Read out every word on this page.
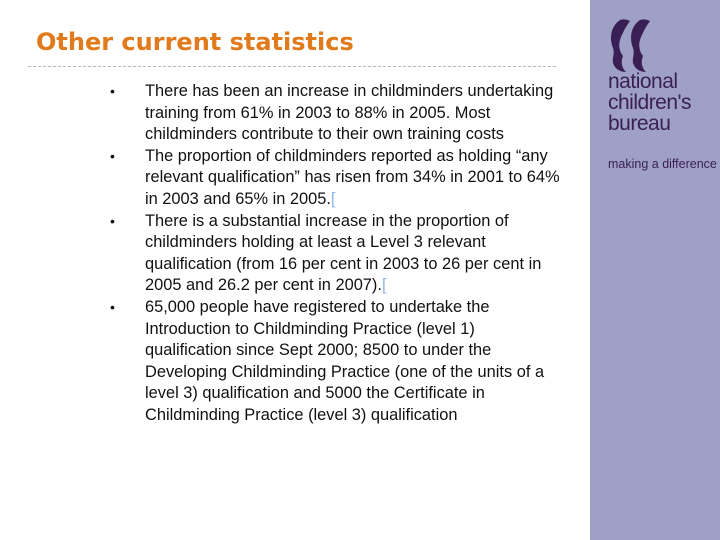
Other current statistics
• There has been an increase in childminders undertaking training from 61% in 2003 to 88% in 2005. Most childminders contribute to their own training costs
• The proportion of childminders reported as holding “any relevant qualification” has risen from 34% in 2001 to 64% in 2003 and 65% in 2005.[
• There is a substantial increase in the proportion of childminders holding at least a Level 3 relevant qualification (from 16 per cent in 2003 to 26 per cent in 2005 and 26.2 per cent in 2007).[
• 65,000 people have registered to undertake the Introduction to Childminding Practice (level 1) qualification since Sept 2000; 8500 to under the Developing Childminding Practice (one of the units of a level 3) qualification and 5000 the Certificate in Childminding Practice (level 3) qualification
national
children's
bureau
making a difference
